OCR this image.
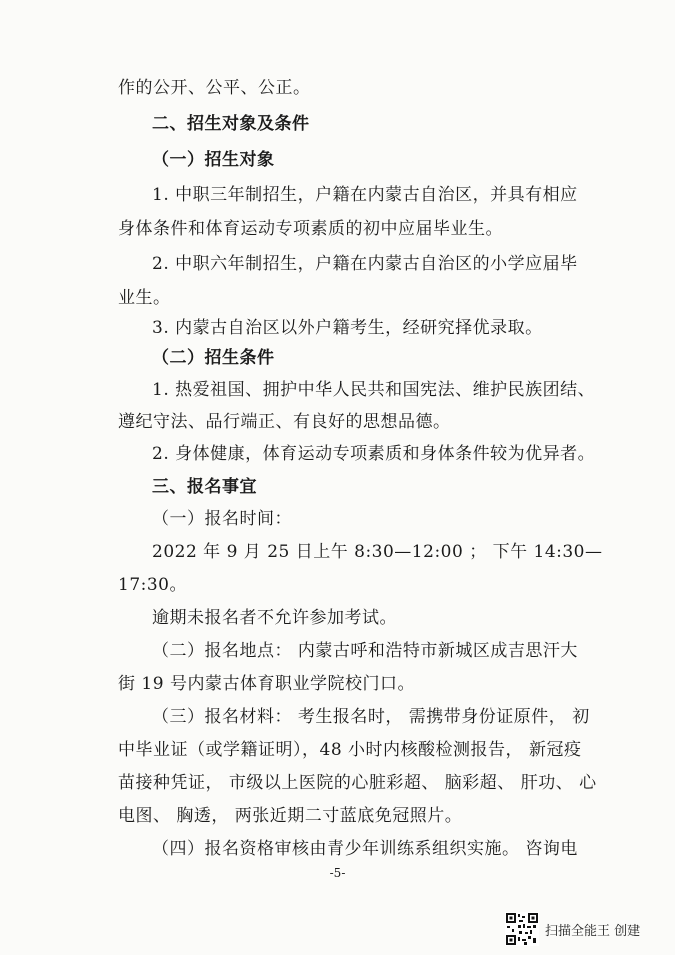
作的公开、公平、公正。
二、招生对象及条件
（一）招生对象
1. 中职三年制招生，户籍在内蒙古自治区，并具有相应
身体条件和体育运动专项素质的初中应届毕业生。
2. 中职六年制招生，户籍在内蒙古自治区的小学应届毕
业生。
3. 内蒙古自治区以外户籍考生，经研究择优录取。
（二）招生条件
1. 热爱祖国、拥护中华人民共和国宪法、维护民族团结、
遵纪守法、品行端正、有良好的思想品德。
2. 身体健康，体育运动专项素质和身体条件较为优异者。
三、报名事宜
（一）报名时间：
2022 年 9 月 25 日上午 8:30—12:00 ； 下午 14:30—
17:30。
逾期未报名者不允许参加考试。
（二）报名地点： 内蒙古呼和浩特市新城区成吉思汗大
街 19 号内蒙古体育职业学院校门口。
（三）报名材料： 考生报名时， 需携带身份证原件， 初
中毕业证（或学籍证明），48 小时内核酸检测报告， 新冠疫
苗接种凭证， 市级以上医院的心脏彩超、 脑彩超、 肝功、 心
电图、 胸透， 两张近期二寸蓝底免冠照片。
（四）报名资格审核由青少年训练系组织实施。 咨询电
-5-
扫描全能王 创建
